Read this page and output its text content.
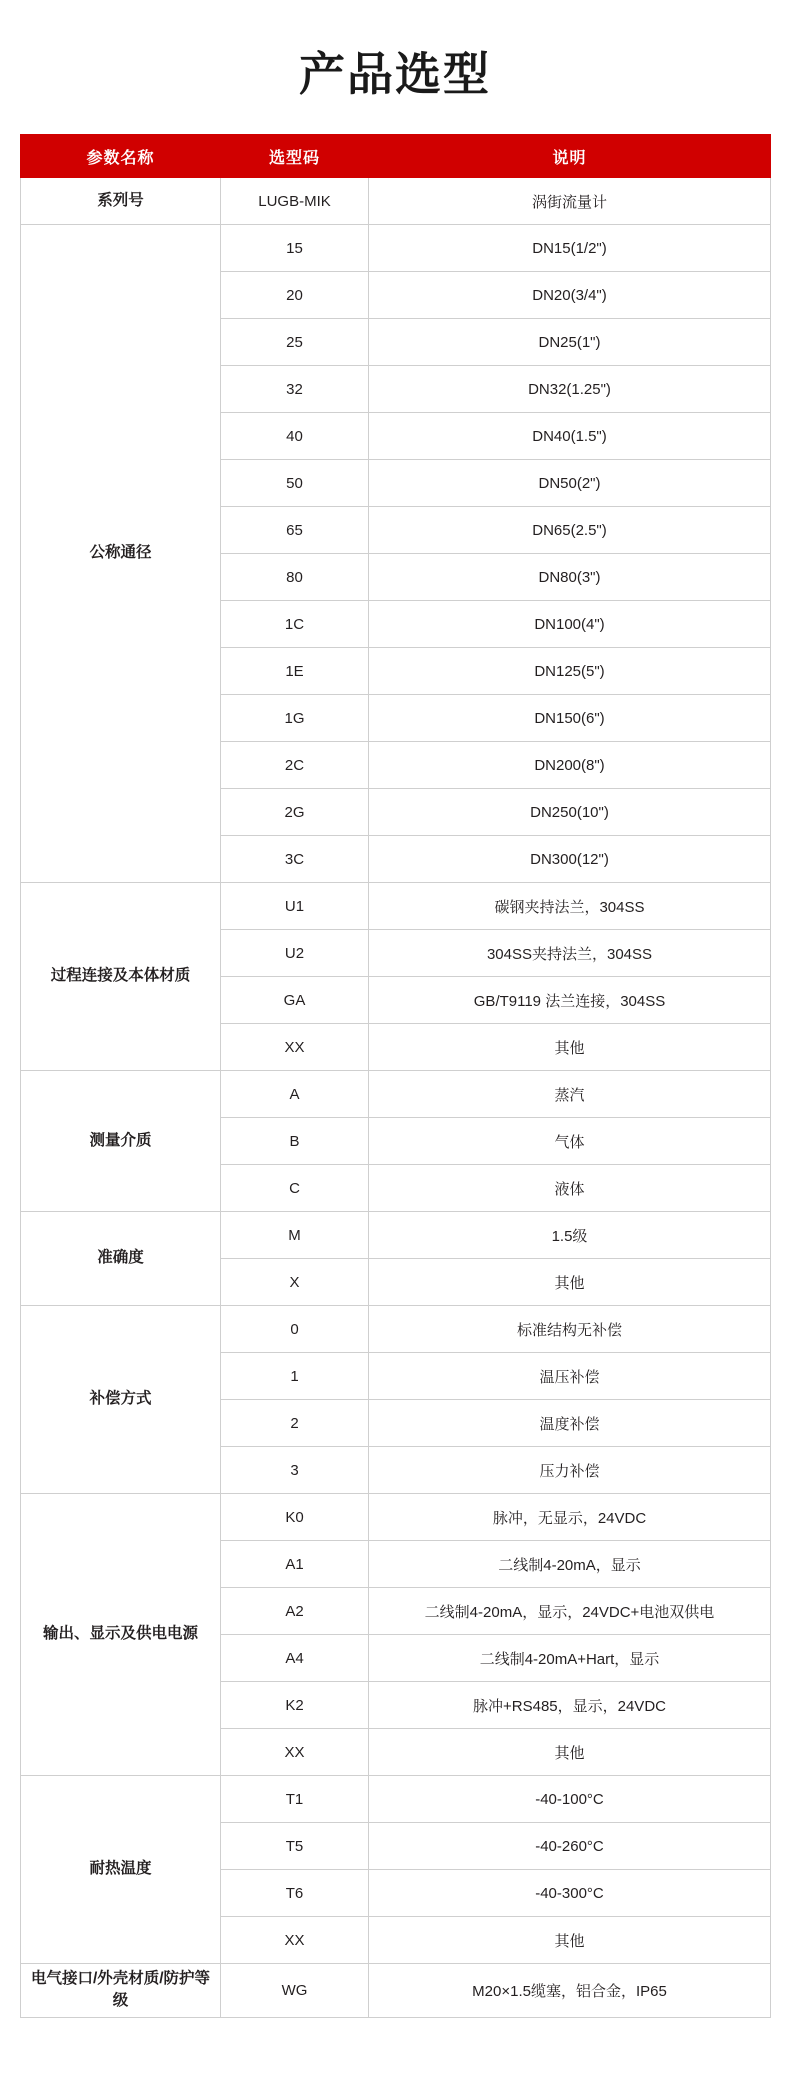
产品选型
参数名称	选型码	说明
系列号	LUGB-MIK	涡街流量计
公称通径	15	DN15(1/2")
	20	DN20(3/4")
	25	DN25(1")
	32	DN32(1.25")
	40	DN40(1.5")
	50	DN50(2")
	65	DN65(2.5")
	80	DN80(3")
	1C	DN100(4")
	1E	DN125(5")
	1G	DN150(6")
	2C	DN200(8")
	2G	DN250(10")
	3C	DN300(12")
过程连接及本体材质	U1	碳钢夹持法兰，304SS
	U2	304SS夹持法兰，304SS
	GA	GB/T9119 法兰连接，304SS
	XX	其他
测量介质	A	蒸汽
	B	气体
	C	液体
准确度	M	1.5级
	X	其他
补偿方式	0	标准结构无补偿
	1	温压补偿
	2	温度补偿
	3	压力补偿
输出、显示及供电电源	K0	脉冲，无显示，24VDC
	A1	二线制4-20mA，显示
	A2	二线制4-20mA，显示，24VDC+电池双供电
	A4	二线制4-20mA+Hart，显示
	K2	脉冲+RS485，显示，24VDC
	XX	其他
耐热温度	T1	-40-100°C
	T5	-40-260°C
	T6	-40-300°C
	XX	其他
电气接口/外壳材质/防护等级	WG	M20×1.5缆塞，铝合金，IP65
